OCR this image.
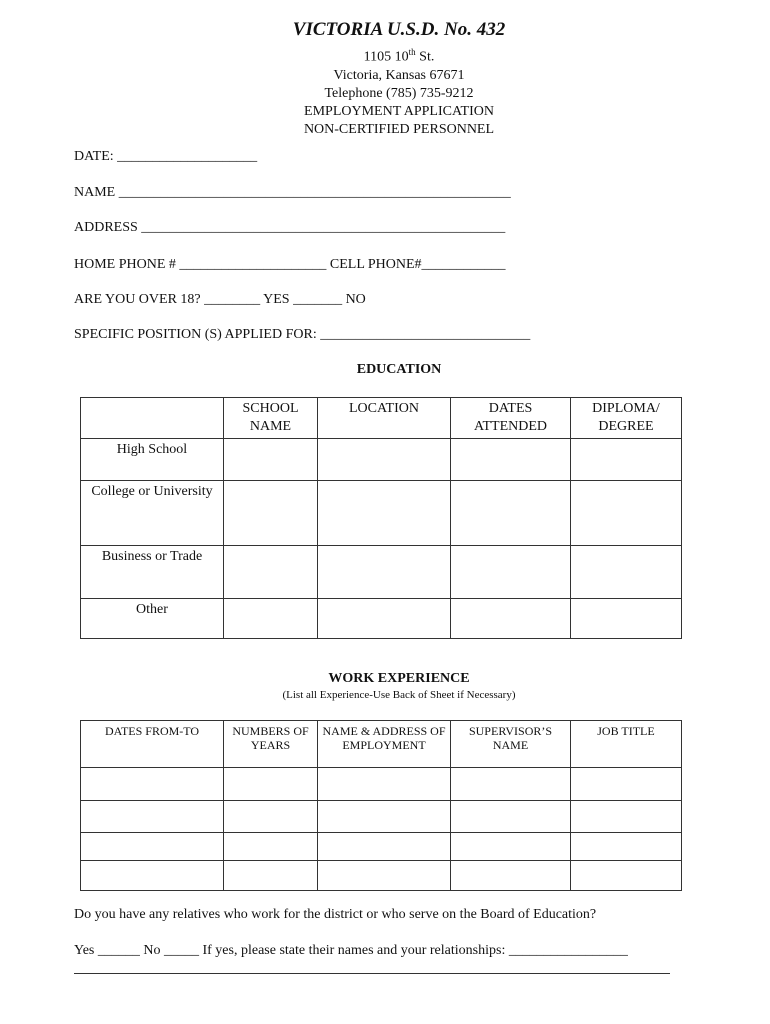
VICTORIA U.S.D. No. 432
1105 10th St.
Victoria, Kansas 67671
Telephone (785) 735-9212
EMPLOYMENT APPLICATION
NON-CERTIFIED PERSONNEL
DATE: ____________________
NAME ________________________________________________________
ADDRESS ____________________________________________________
HOME PHONE # _____________________ CELL PHONE#____________
ARE YOU OVER 18? ________ YES _______ NO
SPECIFIC POSITION (S) APPLIED FOR: ______________________________
EDUCATION
	SCHOOL NAME	LOCATION	DATES ATTENDED	DIPLOMA/ DEGREE
High School				
College or University				
Business or Trade				
Other				
WORK EXPERIENCE
(List all Experience-Use Back of Sheet if Necessary)
DATES FROM-TO	NUMBERS OF YEARS	NAME & ADDRESS OF EMPLOYMENT	SUPERVISOR’S NAME	JOB TITLE

Do you have any relatives who work for the district or who serve on the Board of Education?
Yes ______ No _____ If yes, please state their names and your relationships: _________________
